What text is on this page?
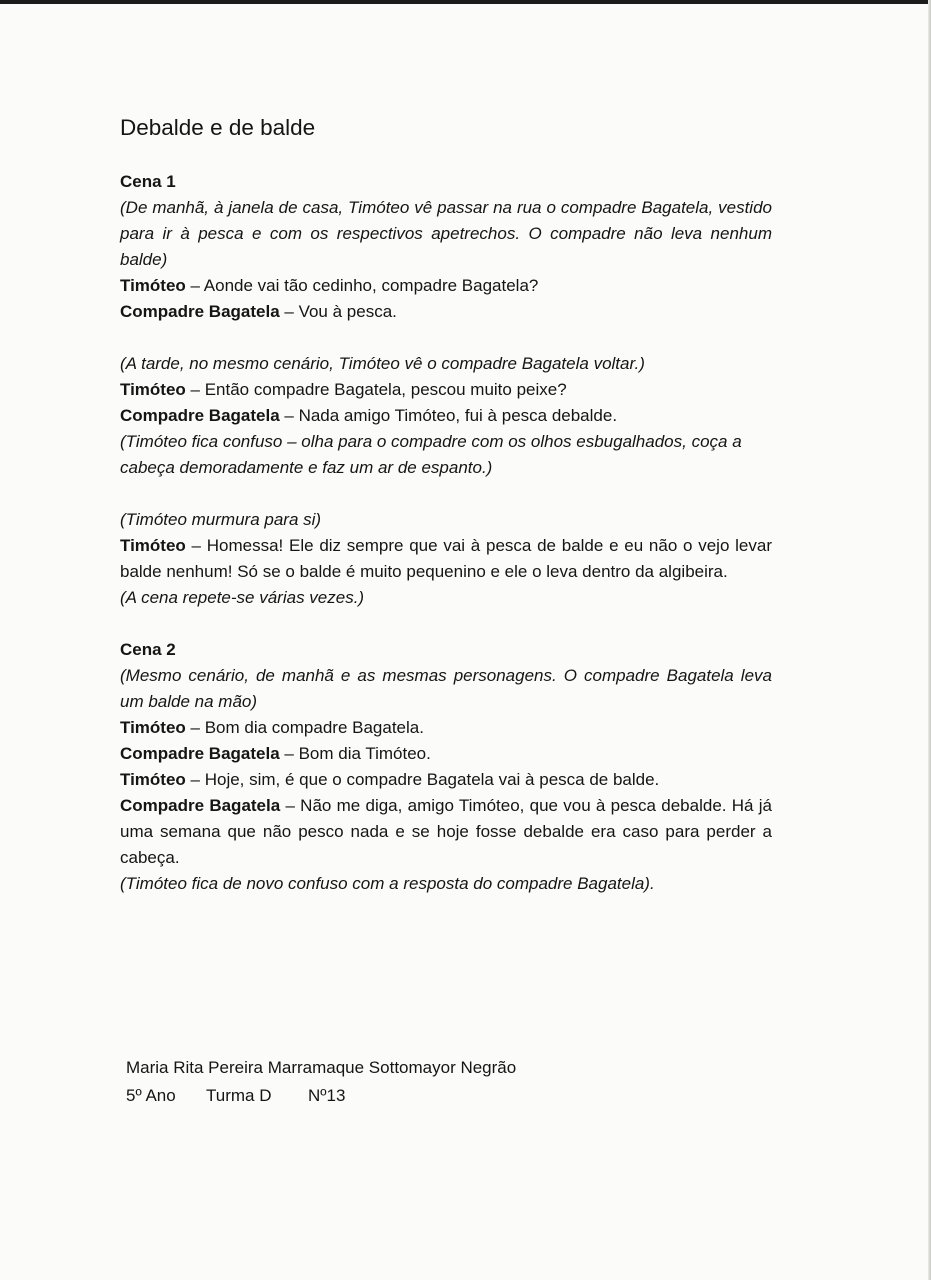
Debalde e de balde

Cena 1

(De manhã, à janela de casa, Timóteo vê passar na rua o compadre Bagatela, vestido para ir à pesca e com os respectivos apetrechos. O compadre não leva nenhum balde)

Timóteo – Aonde vai tão cedinho, compadre Bagatela?

Compadre Bagatela – Vou à pesca.

(A tarde, no mesmo cenário, Timóteo vê o compadre Bagatela voltar.)

Timóteo – Então compadre Bagatela, pescou muito peixe?

Compadre Bagatela – Nada amigo Timóteo, fui à pesca debalde.

(Timóteo fica confuso – olha para o compadre com os olhos esbugalhados, coça a cabeça demoradamente e faz um ar de espanto.)

(Timóteo murmura para si)

Timóteo – Homessa! Ele diz sempre que vai à pesca de balde e eu não o vejo levar balde nenhum! Só se o balde é muito pequenino e ele o leva dentro da algibeira.

(A cena repete-se várias vezes.)

Cena 2

(Mesmo cenário, de manhã e as mesmas personagens. O compadre Bagatela leva um balde na mão)

Timóteo – Bom dia compadre Bagatela.

Compadre Bagatela – Bom dia Timóteo.

Timóteo – Hoje, sim, é que o compadre Bagatela vai à pesca de balde.

Compadre Bagatela – Não me diga, amigo Timóteo, que vou à pesca debalde. Há já uma semana que não pesco nada e se hoje fosse debalde era caso para perder a cabeça.

(Timóteo fica de novo confuso com a resposta do compadre Bagatela).

Maria Rita Pereira Marramaque Sottomayor Negrão

5º Ano Turma D Nº13
